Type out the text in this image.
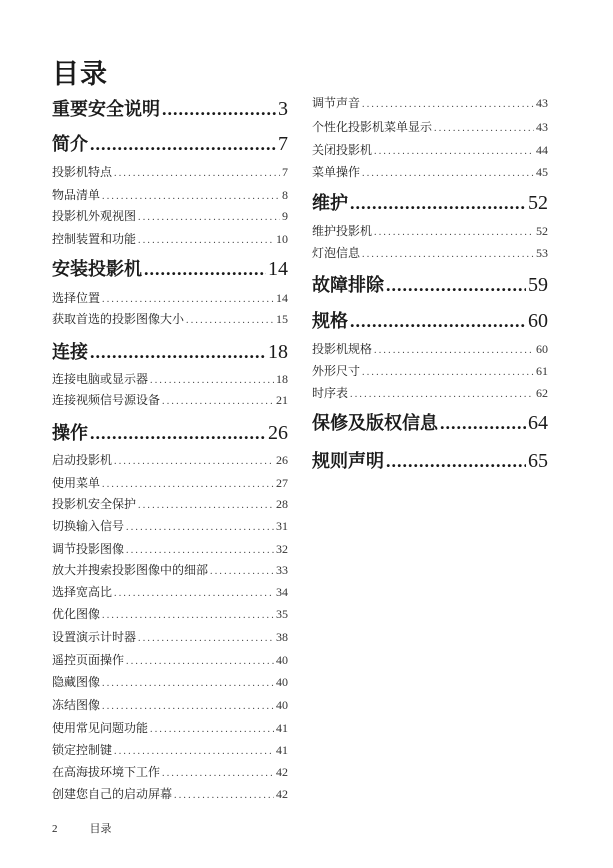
目录
重要安全说明 .....	3
简介 .....	7
投影机特点 .....	7
物品清单 .....	8
投影机外观视图 .....	9
控制装置和功能 .....	10
安装投影机 .....	14
选择位置 .....	14
获取首选的投影图像大小 .....	15
连接 .....	18
连接电脑或显示器 .....	18
连接视频信号源设备 .....	21
操作 .....	26
启动投影机 .....	26
使用菜单 .....	27
投影机安全保护 .....	28
切换输入信号 .....	31
调节投影图像 .....	32
放大并搜索投影图像中的细部 .....	33
选择宽高比 .....	34
优化图像 .....	35
设置演示计时器 .....	38
遥控页面操作 .....	40
隐藏图像 .....	40
冻结图像 .....	40
使用常见问题功能 .....	41
锁定控制键 .....	41
在高海拔环境下工作 .....	42
创建您自己的启动屏幕 .....	42
调节声音 .....	43
个性化投影机菜单显示 .....	43
关闭投影机 .....	44
菜单操作 .....	45
维护 .....	52
维护投影机 .....	52
灯泡信息 .....	53
故障排除 .....	59
规格 .....	60
投影机规格 .....	60
外形尺寸 .....	61
时序表 .....	62
保修及版权信息 .....	64
规则声明 .....	65
2	目录
